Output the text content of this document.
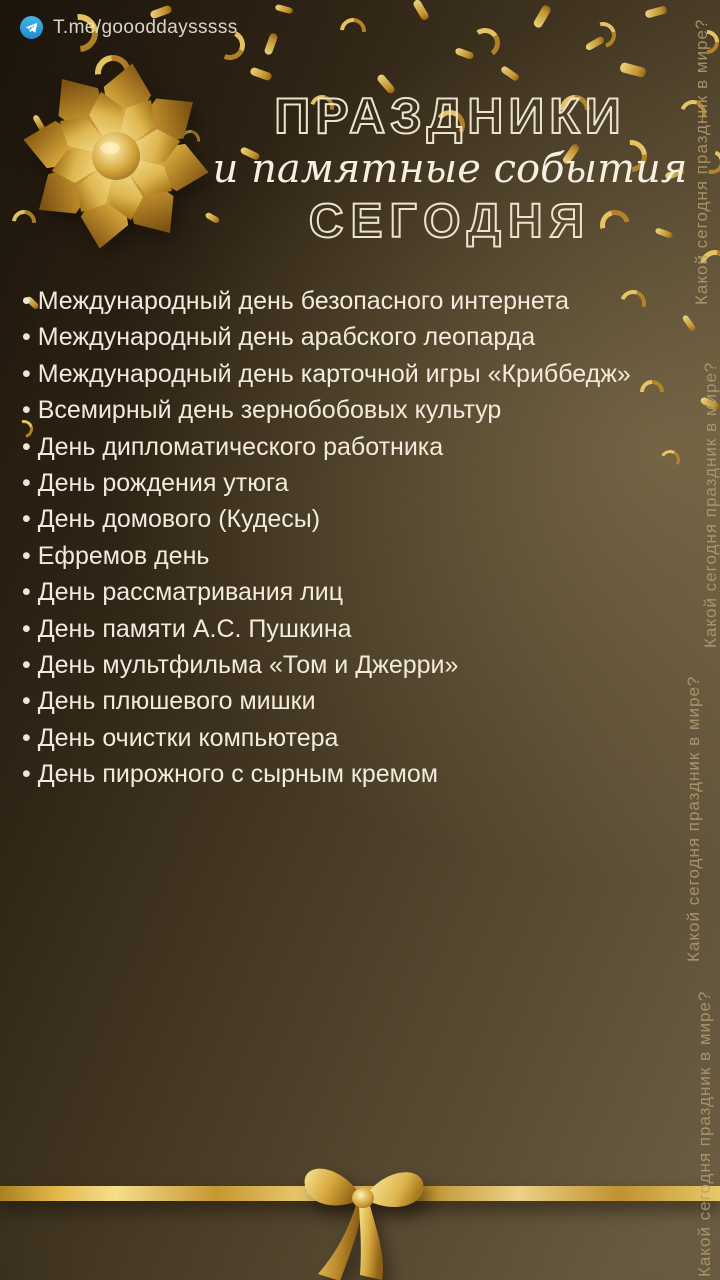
T.me/goooddaysssss
ПРАЗДНИКИ
и памятные события
СЕГОДНЯ
• Международный день безопасного интернета
• Международный день арабского леопарда
• Международный день карточной игры «Криббедж»
• Всемирный день зернобобовых культур
• День дипломатического работника
• День рождения утюга
• День домового (Кудесы)
• Ефремов день
• День рассматривания лиц
• День памяти А.С. Пушкина
• День мультфильма «Том и Джерри»
• День плюшевого мишки
• День очистки компьютера
• День пирожного с сырным кремом
Какой сегодня праздник в мире?
Какой сегодня праздник в мире?
Какой сегодня праздник в мире?
Какой сегодня праздник в мире?
